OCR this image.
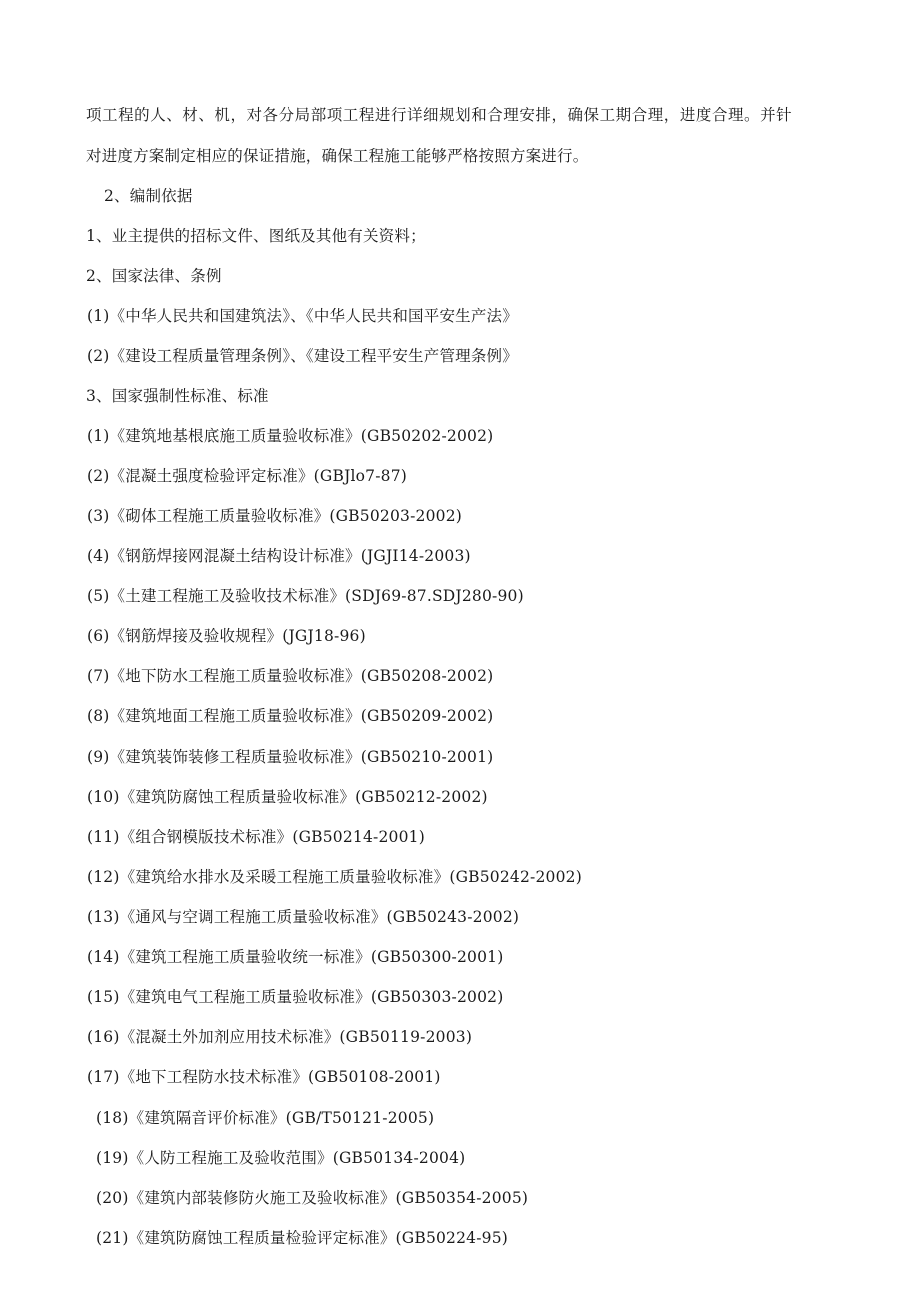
项工程的人、材、机，对各分局部项工程进行详细规划和合理安排，确保工期合理，进度合理。并针
对进度方案制定相应的保证措施，确保工程施工能够严格按照方案进行。
2、编制依据
1、业主提供的招标文件、图纸及其他有关资料；
2、国家法律、条例
(1)《中华人民共和国建筑法》、《中华人民共和国平安生产法》
(2)《建设工程质量管理条例》、《建设工程平安生产管理条例》
3、国家强制性标准、标准
(1)《建筑地基根底施工质量验收标准》(GB50202-2002)
(2)《混凝土强度检验评定标准》(GBJlo7-87)
(3)《砌体工程施工质量验收标准》(GB50203-2002)
(4)《钢筋焊接网混凝土结构设计标准》(JGJI14-2003)
(5)《土建工程施工及验收技术标准》(SDJ69-87.SDJ280-90)
(6)《钢筋焊接及验收规程》(JGJ18-96)
(7)《地下防水工程施工质量验收标准》(GB50208-2002)
(8)《建筑地面工程施工质量验收标准》(GB50209-2002)
(9)《建筑装饰装修工程质量验收标准》(GB50210-2001)
(10)《建筑防腐蚀工程质量验收标准》(GB50212-2002)
(11)《组合钢模版技术标准》(GB50214-2001)
(12)《建筑给水排水及采暖工程施工质量验收标准》(GB50242-2002)
(13)《通风与空调工程施工质量验收标准》(GB50243-2002)
(14)《建筑工程施工质量验收统一标准》(GB50300-2001)
(15)《建筑电气工程施工质量验收标准》(GB50303-2002)
(16)《混凝土外加剂应用技术标准》(GB50119-2003)
(17)《地下工程防水技术标准》(GB50108-2001)
(18)《建筑隔音评价标准》(GB/T50121-2005)
(19)《人防工程施工及验收范围》(GB50134-2004)
(20)《建筑内部装修防火施工及验收标准》(GB50354-2005)
(21)《建筑防腐蚀工程质量检验评定标准》(GB50224-95)
